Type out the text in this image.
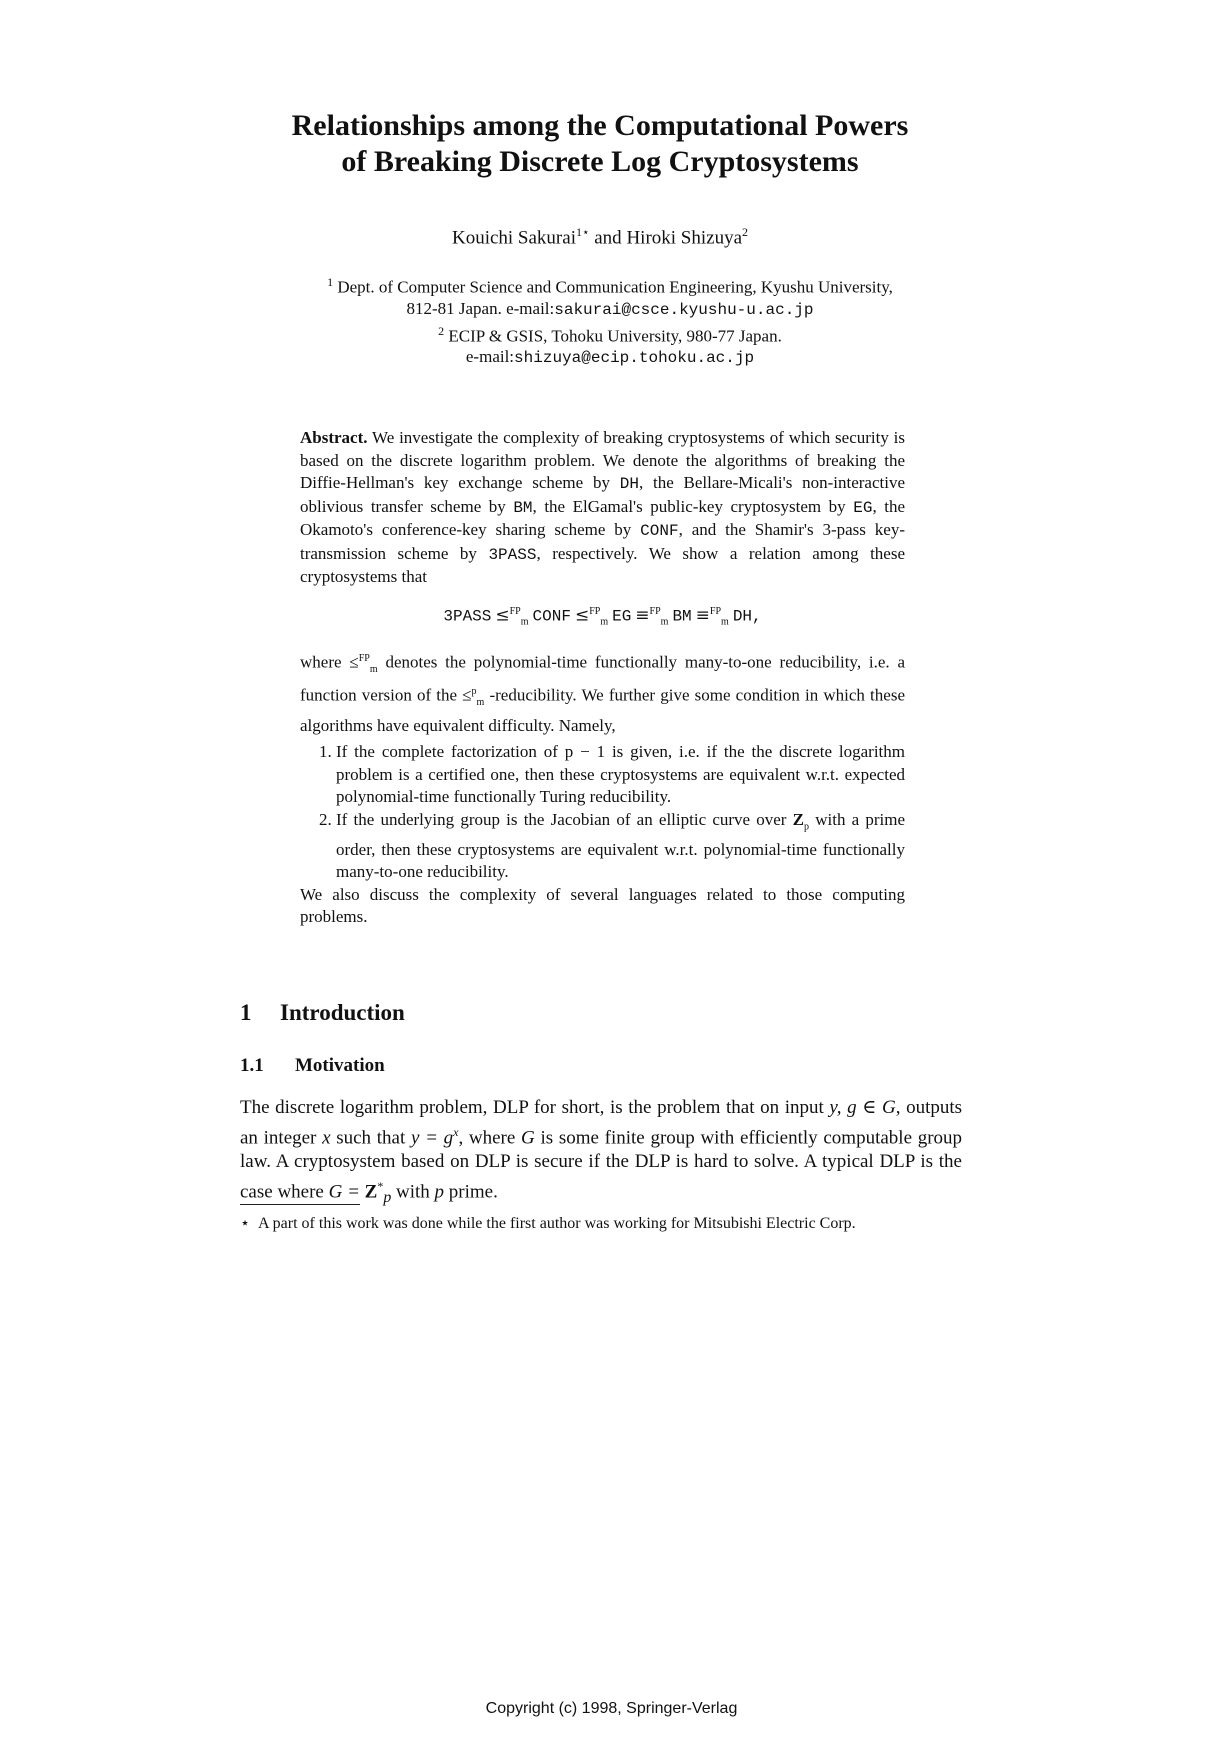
Relationships among the Computational Powers
of Breaking Discrete Log Cryptosystems
Kouichi Sakurai$^{1⋆}$ and Hiroki Shizuya$^2$
$^1$ Dept. of Computer Science and Communication Engineering, Kyushu University,
812-81 Japan. e-mail:sakurai@csce.kyushu-u.ac.jp
$^2$ ECIP & GSIS, Tohoku University, 980-77 Japan.
e-mail:shizuya@ecip.tohoku.ac.jp

Abstract. We investigate the complexity of breaking cryptosystems of which security is based on the discrete logarithm problem. We denote the algorithms of breaking the Diffie-Hellman's key exchange scheme by DH, the Bellare-Micali's non-interactive oblivious transfer scheme by BM, the ElGamal's public-key cryptosystem by EG, the Okamoto's conference-key sharing scheme by CONF, and the Shamir's 3-pass key-transmission scheme by 3PASS, respectively. We show a relation among these cryptosystems that

3PASS ≤$^{FP}_m$ CONF ≤$^{FP}_m$ EG ≡$^{FP}_m$ BM ≡$^{FP}_m$ DH,

where ≤$^{FP}_m$ denotes the polynomial-time functionally many-to-one reducibility, i.e. a function version of the ≤$^p_m$ -reducibility. We further give some condition in which these algorithms have equivalent difficulty. Namely,

1. If the complete factorization of p − 1 is given, i.e. if the the discrete logarithm problem is a certified one, then these cryptosystems are equivalent w.r.t. expected polynomial-time functionally Turing reducibility.
2. If the underlying group is the Jacobian of an elliptic curve over $Z_p$ with a prime order, then these cryptosystems are equivalent w.r.t. polynomial-time functionally many-to-one reducibility.

We also discuss the complexity of several languages related to those computing problems.

1 Introduction
1.1 Motivation
The discrete logarithm problem, DLP for short, is the problem that on input y, g ∈ G, outputs an integer x such that $y = g^x$, where G is some finite group with efficiently computable group law. A cryptosystem based on DLP is secure if the DLP is hard to solve. A typical DLP is the case where $G = Z^*_p$ with p prime.
⋆ A part of this work was done while the first author was working for Mitsubishi Electric Corp.
Copyright (c) 1998, Springer-Verlag
